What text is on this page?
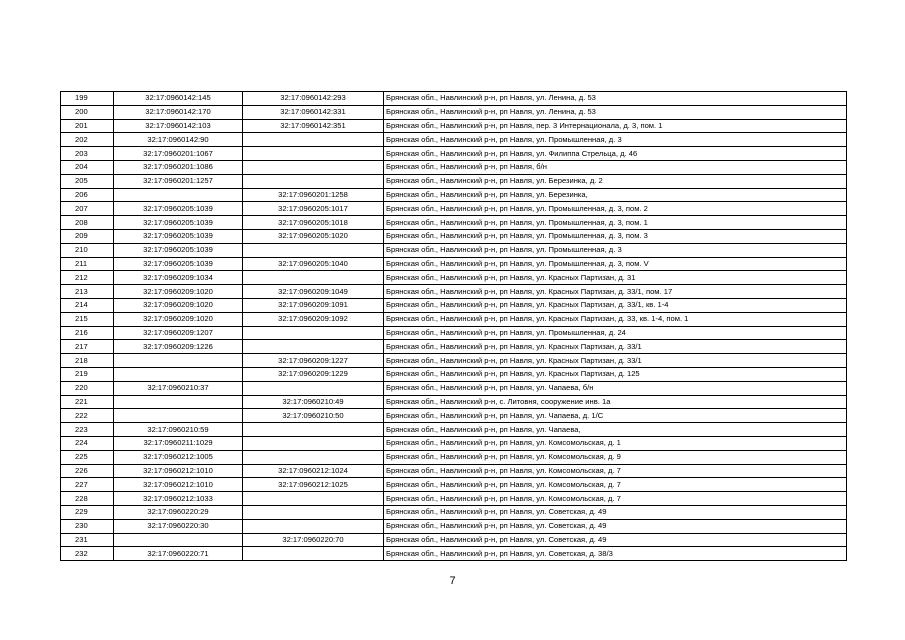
199	32:17:0960142:145	32:17:0960142:293	Брянская обл., Навлинский р-н, рп Навля, ул. Ленина, д. 53
200	32:17:0960142:170	32:17:0960142:331	Брянская обл., Навлинский р-н, рп Навля, ул. Ленина, д. 53
201	32:17:0960142:103	32:17:0960142:351	Брянская обл., Навлинский р-н, рп Навля, пер. 3 Интернационала, д. 3, пом. 1
202	32:17:0960142:90		Брянская обл., Навлинский р-н, рп Навля, ул. Промышленная, д. 3
203	32:17:0960201:1067		Брянская обл., Навлинский р-н, рп Навля, ул. Филиппа Стрельца, д. 46
204	32:17:0960201:1086		Брянская обл., Навлинский р-н, рп Навля, б/н
205	32:17:0960201:1257		Брянская обл., Навлинский р-н, рп Навля, ул. Березинка, д. 2
206		32:17:0960201:1258	Брянская обл., Навлинский р-н, рп Навля, ул. Березинка,
207	32:17:0960205:1039	32:17:0960205:1017	Брянская обл., Навлинский р-н, рп Навля, ул. Промышленная, д. 3, пом. 2
208	32:17:0960205:1039	32:17:0960205:1018	Брянская обл., Навлинский р-н, рп Навля, ул. Промышленная, д. 3, пом. 1
209	32:17:0960205:1039	32:17:0960205:1020	Брянская обл., Навлинский р-н, рп Навля, ул. Промышленная, д. 3, пом. 3
210	32:17:0960205:1039		Брянская обл., Навлинский р-н, рп Навля, ул. Промышленная, д. 3
211	32:17:0960205:1039	32:17:0960205:1040	Брянская обл., Навлинский р-н, рп Навля, ул. Промышленная, д. 3, пом. V
212	32:17:0960209:1034		Брянская обл., Навлинский р-н, рп Навля, ул. Красных Партизан, д. 31
213	32:17:0960209:1020	32:17:0960209:1049	Брянская обл., Навлинский р-н, рп Навля, ул. Красных Партизан, д. 33/1, пом. 17
214	32:17:0960209:1020	32:17:0960209:1091	Брянская обл., Навлинский р-н, рп Навля, ул. Красных Партизан, д. 33/1, кв. 1-4
215	32:17:0960209:1020	32:17:0960209:1092	Брянская обл., Навлинский р-н, рп Навля, ул. Красных Партизан, д. 33, кв. 1-4, пом. 1
216	32:17:0960209:1207		Брянская обл., Навлинский р-н, рп Навля, ул. Промышленная, д. 24
217	32:17:0960209:1226		Брянская обл., Навлинский р-н, рп Навля, ул. Красных Партизан, д. 33/1
218		32:17:0960209:1227	Брянская обл., Навлинский р-н, рп Навля, ул. Красных Партизан, д. 33/1
219		32:17:0960209:1229	Брянская обл., Навлинский р-н, рп Навля, ул. Красных Партизан, д. 125
220	32:17:0960210:37		Брянская обл., Навлинский р-н, рп Навля, ул. Чапаева, б/н
221		32:17:0960210:49	Брянская обл., Навлинский р-н, с. Литовня, сооружение инв. 1а
222		32:17:0960210:50	Брянская обл., Навлинский р-н, рп Навля, ул. Чапаева, д. 1/С
223	32:17:0960210:59		Брянская обл., Навлинский р-н, рп Навля, ул. Чапаева,
224	32:17:0960211:1029		Брянская обл., Навлинский р-н, рп Навля, ул. Комсомольская, д. 1
225	32:17:0960212:1005		Брянская обл., Навлинский р-н, рп Навля, ул. Комсомольская, д. 9
226	32:17:0960212:1010	32:17:0960212:1024	Брянская обл., Навлинский р-н, рп Навля, ул. Комсомольская, д. 7
227	32:17:0960212:1010	32:17:0960212:1025	Брянская обл., Навлинский р-н, рп Навля, ул. Комсомольская, д. 7
228	32:17:0960212:1033		Брянская обл., Навлинский р-н, рп Навля, ул. Комсомольская, д. 7
229	32:17:0960220:29		Брянская обл., Навлинский р-н, рп Навля, ул. Советская, д. 49
230	32:17:0960220:30		Брянская обл., Навлинский р-н, рп Навля, ул. Советская, д. 49
231		32:17:0960220:70	Брянская обл., Навлинский р-н, рп Навля, ул. Советская, д. 49
232	32:17:0960220:71		Брянская обл., Навлинский р-н, рп Навля, ул. Советская, д. 38/3
7
